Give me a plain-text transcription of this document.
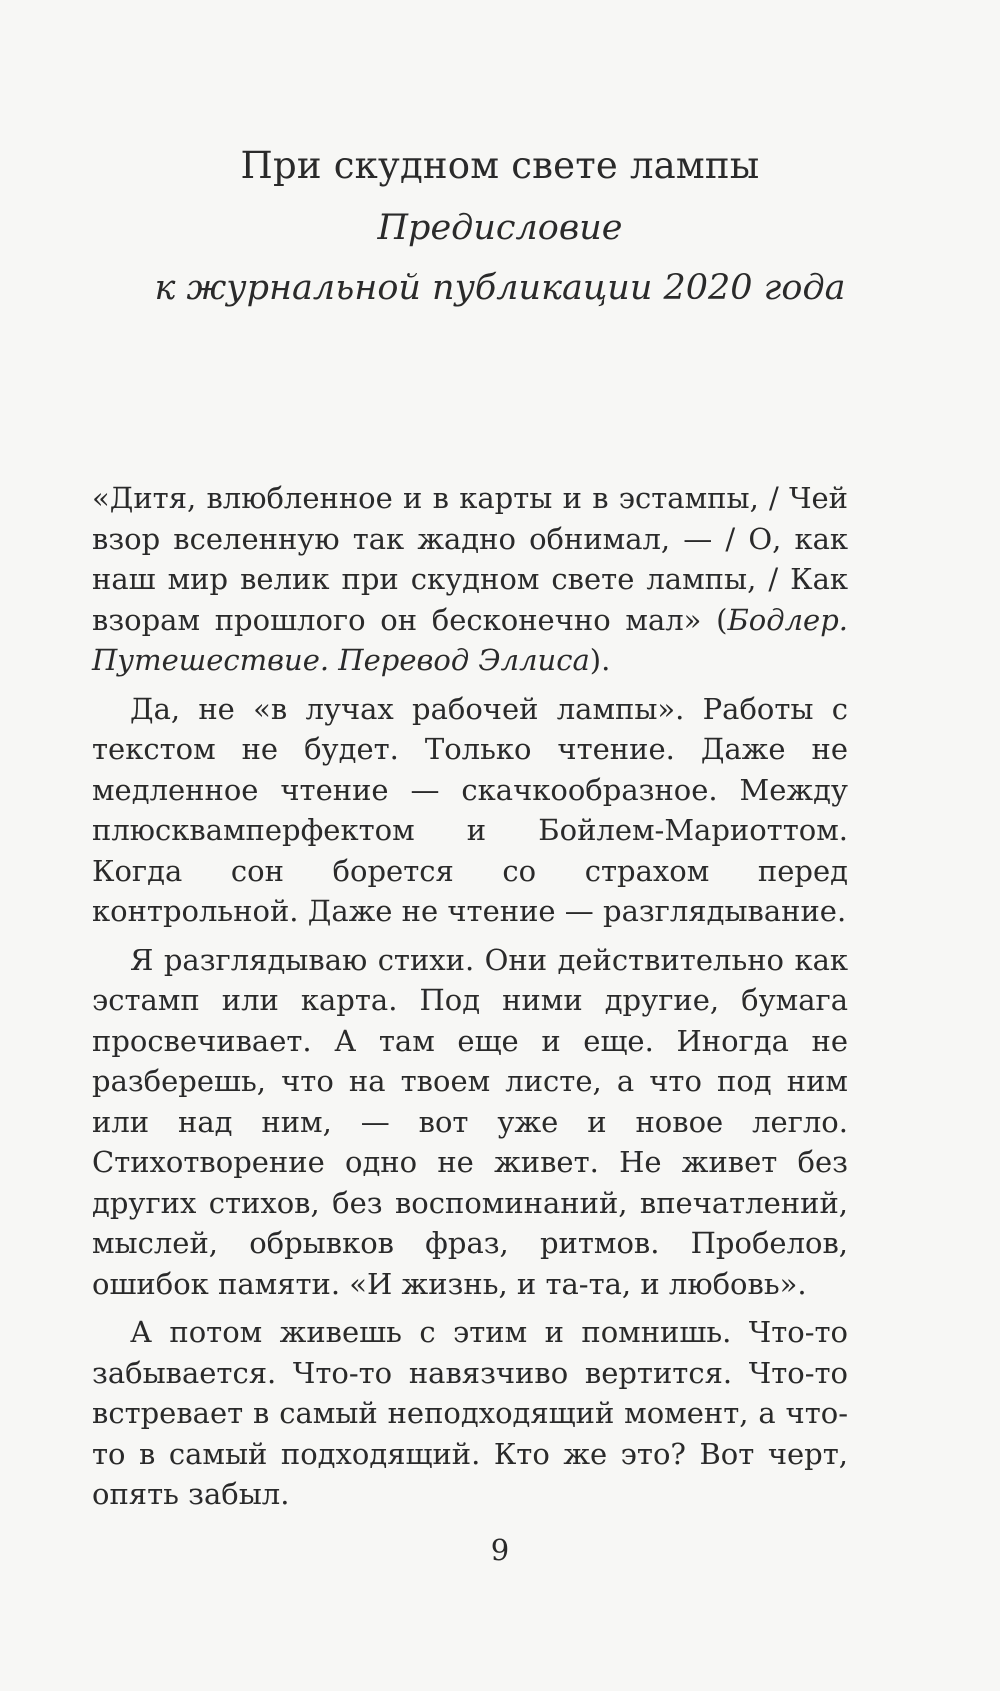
При скудном свете лампы
Предисловие
к журнальной публикации 2020 года

«Дитя, влюбленное и в карты и в эстампы, / Чей взор вселенную так жадно обнимал, — / О, как наш мир велик при скудном свете лампы, / Как взорам прошлого он бесконечно мал» (Бодлер. Путешествие. Перевод Эллиса).

Да, не «в лучах рабочей лампы». Работы с текстом не будет. Только чтение. Даже не медленное чтение — скачкообразное. Между плюсквамперфектом и Бойлем-Мариоттом. Когда сон борется со страхом перед контрольной. Даже не чтение — разглядывание.

Я разглядываю стихи. Они действительно как эстамп или карта. Под ними другие, бумага просвечивает. А там еще и еще. Иногда не разберешь, что на твоем листе, а что под ним или над ним, — вот уже и новое легло. Стихотворение одно не живет. Не живет без других стихов, без воспоминаний, впечатлений, мыслей, обрывков фраз, ритмов. Пробелов, ошибок памяти. «И жизнь, и та-та, и любовь».

А потом живешь с этим и помнишь. Что-то забывается. Что-то навязчиво вертится. Что-то встревает в самый неподходящий момент, а что-то в самый подходящий. Кто же это? Вот черт, опять забыл.

9
